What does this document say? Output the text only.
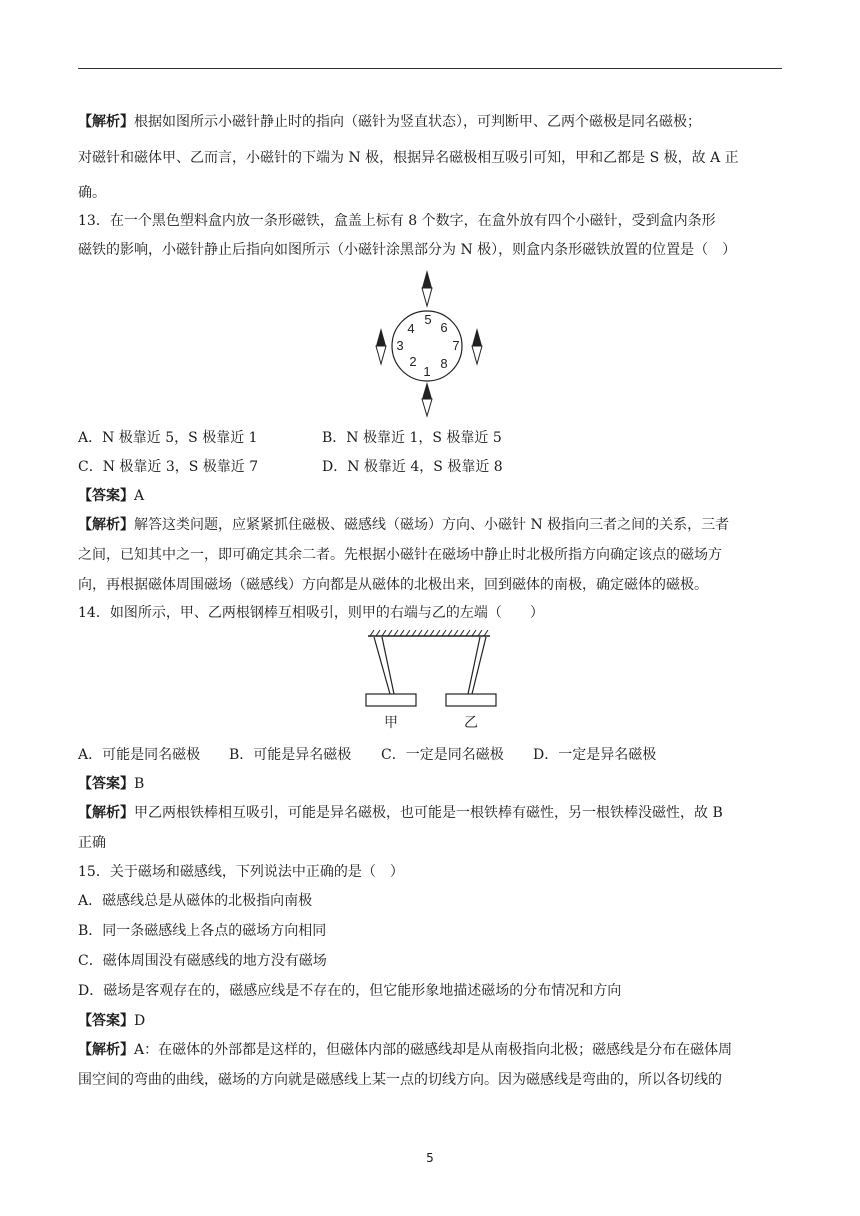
【解析】根据如图所示小磁针静止时的指向（磁针为竖直状态），可判断甲、乙两个磁极是同名磁极；
对磁针和磁体甲、乙而言，小磁针的下端为 N 极，根据异名磁极相互吸引可知，甲和乙都是 S 极，故 A 正
确。
13．在一个黑色塑料盒内放一条形磁铁，盒盖上标有 8 个数字，在盒外放有四个小磁针，受到盒内条形
磁铁的影响，小磁针静止后指向如图所示（小磁针涂黑部分为 N 极），则盒内条形磁铁放置的位置是（　）
1
2
3
4
5
6
7
8
A．N 极靠近 5，S 极靠近 1	B．N 极靠近 1，S 极靠近 5
C．N 极靠近 3，S 极靠近 7	D．N 极靠近 4，S 极靠近 8
【答案】A
【解析】解答这类问题，应紧紧抓住磁极、磁感线（磁场）方向、小磁针 N 极指向三者之间的关系，三者
之间，已知其中之一，即可确定其余二者。先根据小磁针在磁场中静止时北极所指方向确定该点的磁场方
向，再根据磁体周围磁场（磁感线）方向都是从磁体的北极出来，回到磁体的南极，确定磁体的磁极。
14．如图所示，甲、乙两根钢棒互相吸引，则甲的右端与乙的左端（　　）
甲	乙
A．可能是同名磁极 B．可能是异名磁极 C．一定是同名磁极 D．一定是异名磁极
【答案】B
【解析】甲乙两根铁棒相互吸引，可能是异名磁极，也可能是一根铁棒有磁性，另一根铁棒没磁性，故 B
正确
15．关于磁场和磁感线，下列说法中正确的是（　）
A．磁感线总是从磁体的北极指向南极
B．同一条磁感线上各点的磁场方向相同
C．磁体周围没有磁感线的地方没有磁场
D．磁场是客观存在的，磁感应线是不存在的，但它能形象地描述磁场的分布情况和方向
【答案】D
【解析】A：在磁体的外部都是这样的，但磁体内部的磁感线却是从南极指向北极；磁感线是分布在磁体周
围空间的弯曲的曲线，磁场的方向就是磁感线上某一点的切线方向。因为磁感线是弯曲的，所以各切线的
5
